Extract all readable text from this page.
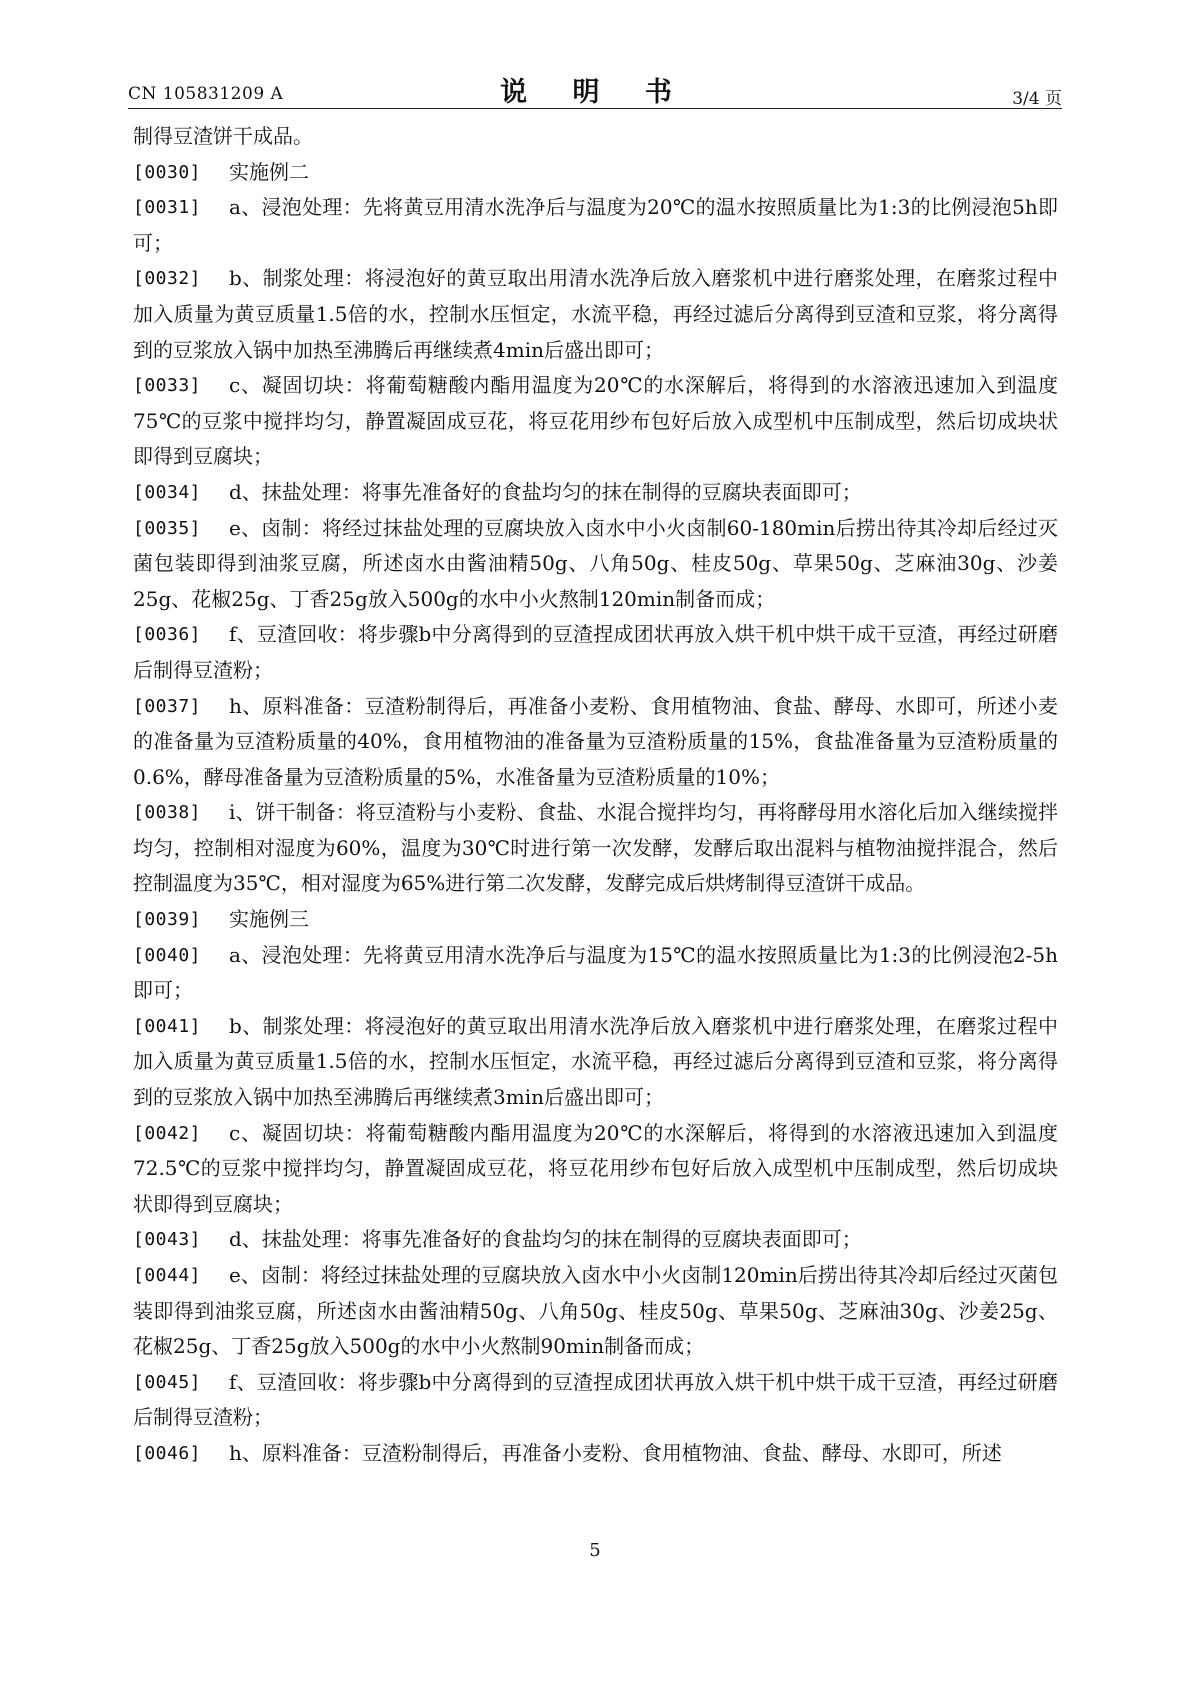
CN 105831209 A	说 明 书	3/4 页

制得豆渣饼干成品。

[0030] 实施例二

[0031] a、浸泡处理：先将黄豆用清水洗净后与温度为20℃的温水按照质量比为1:3的比例浸泡5h即可；

[0032] b、制浆处理：将浸泡好的黄豆取出用清水洗净后放入磨浆机中进行磨浆处理，在磨浆过程中加入质量为黄豆质量1.5倍的水，控制水压恒定，水流平稳，再经过滤后分离得到豆渣和豆浆，将分离得到的豆浆放入锅中加热至沸腾后再继续煮4min后盛出即可；

[0033] c、凝固切块：将葡萄糖酸内酯用温度为20℃的水深解后，将得到的水溶液迅速加入到温度75℃的豆浆中搅拌均匀，静置凝固成豆花，将豆花用纱布包好后放入成型机中压制成型，然后切成块状即得到豆腐块；

[0034] d、抹盐处理：将事先准备好的食盐均匀的抹在制得的豆腐块表面即可；

[0035] e、卤制：将经过抹盐处理的豆腐块放入卤水中小火卤制60-180min后捞出待其冷却后经过灭菌包装即得到油浆豆腐，所述卤水由酱油精50g、八角50g、桂皮50g、草果50g、芝麻油30g、沙姜25g、花椒25g、丁香25g放入500g的水中小火熬制120min制备而成；

[0036] f、豆渣回收：将步骤b中分离得到的豆渣捏成团状再放入烘干机中烘干成干豆渣，再经过研磨后制得豆渣粉；

[0037] h、原料准备：豆渣粉制得后，再准备小麦粉、食用植物油、食盐、酵母、水即可，所述小麦的准备量为豆渣粉质量的40%，食用植物油的准备量为豆渣粉质量的15%，食盐准备量为豆渣粉质量的0.6%，酵母准备量为豆渣粉质量的5%，水准备量为豆渣粉质量的10%；

[0038] i、饼干制备：将豆渣粉与小麦粉、食盐、水混合搅拌均匀，再将酵母用水溶化后加入继续搅拌均匀，控制相对湿度为60%，温度为30℃时进行第一次发酵，发酵后取出混料与植物油搅拌混合，然后控制温度为35℃，相对湿度为65%进行第二次发酵，发酵完成后烘烤制得豆渣饼干成品。

[0039] 实施例三

[0040] a、浸泡处理：先将黄豆用清水洗净后与温度为15℃的温水按照质量比为1:3的比例浸泡2-5h即可；

[0041] b、制浆处理：将浸泡好的黄豆取出用清水洗净后放入磨浆机中进行磨浆处理，在磨浆过程中加入质量为黄豆质量1.5倍的水，控制水压恒定，水流平稳，再经过滤后分离得到豆渣和豆浆，将分离得到的豆浆放入锅中加热至沸腾后再继续煮3min后盛出即可；

[0042] c、凝固切块：将葡萄糖酸内酯用温度为20℃的水深解后，将得到的水溶液迅速加入到温度72.5℃的豆浆中搅拌均匀，静置凝固成豆花，将豆花用纱布包好后放入成型机中压制成型，然后切成块状即得到豆腐块；

[0043] d、抹盐处理：将事先准备好的食盐均匀的抹在制得的豆腐块表面即可；

[0044] e、卤制：将经过抹盐处理的豆腐块放入卤水中小火卤制120min后捞出待其冷却后经过灭菌包装即得到油浆豆腐，所述卤水由酱油精50g、八角50g、桂皮50g、草果50g、芝麻油30g、沙姜25g、花椒25g、丁香25g放入500g的水中小火熬制90min制备而成；

[0045] f、豆渣回收：将步骤b中分离得到的豆渣捏成团状再放入烘干机中烘干成干豆渣，再经过研磨后制得豆渣粉；

[0046] h、原料准备：豆渣粉制得后，再准备小麦粉、食用植物油、食盐、酵母、水即可，所述

5
